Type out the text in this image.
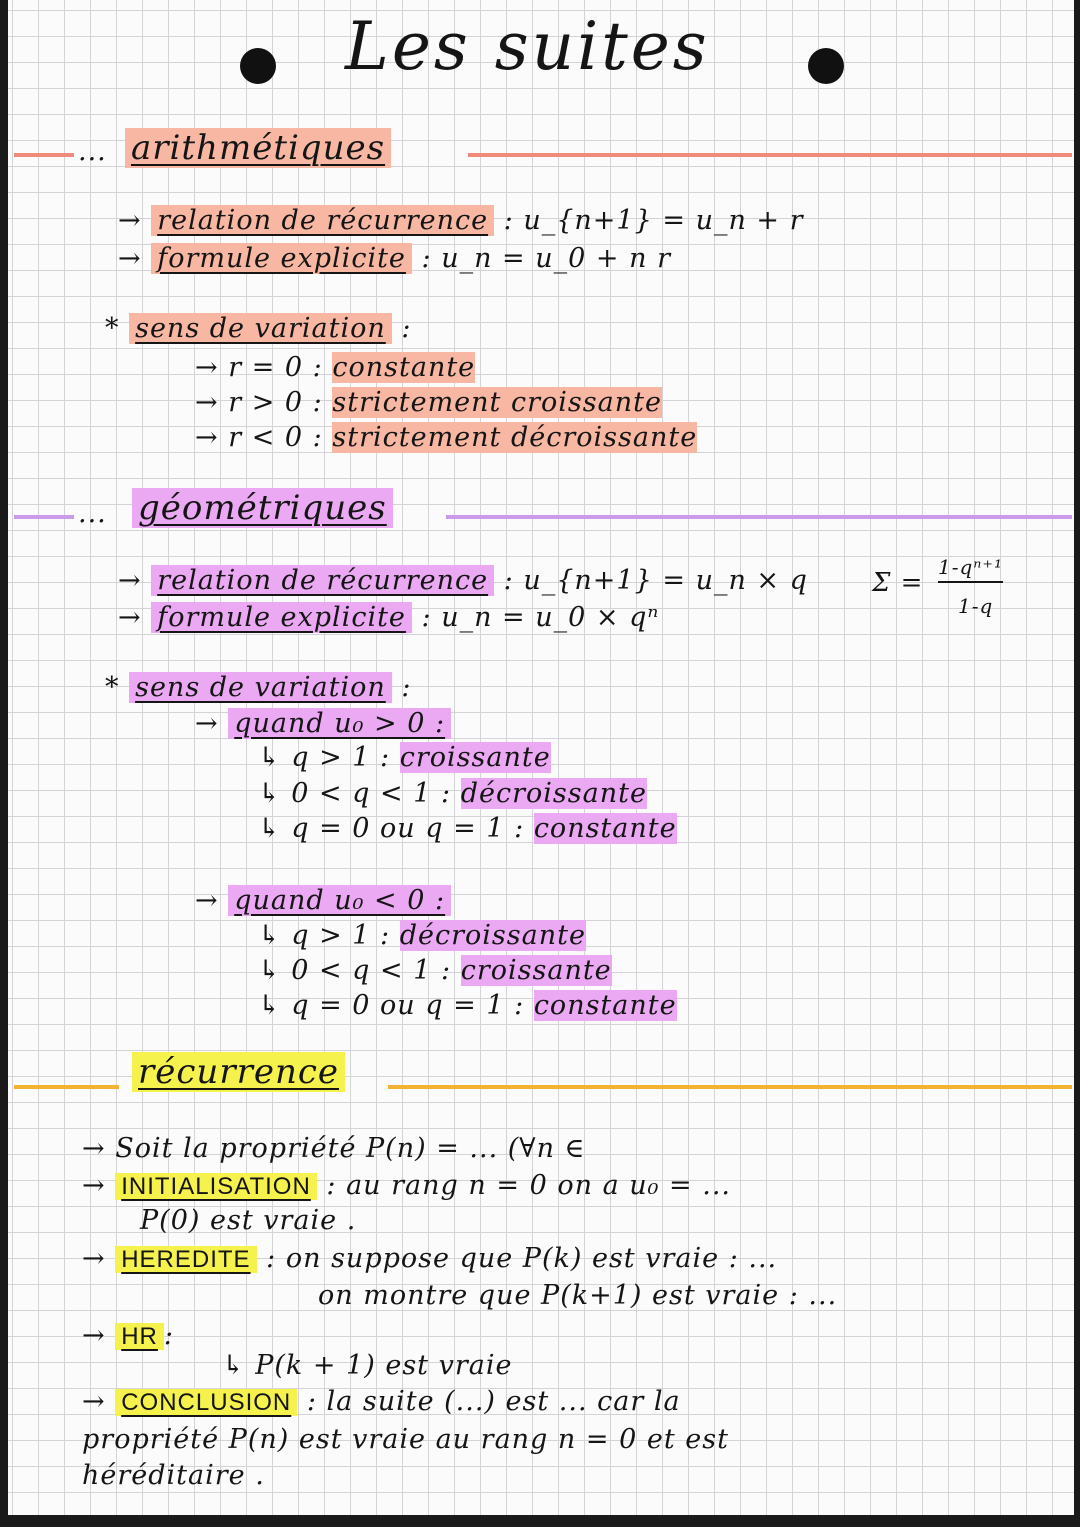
Les suites
... arithmétiques
→ relation de récurrence : u_{n+1} = u_n + r
→ formule explicite : u_n = u_0 + n r
* sens de variation :
→ r = 0 : constante
→ r > 0 : strictement croissante
→ r < 0 : strictement décroissante
... géométriques
→ relation de récurrence : u_{n+1} = u_n × q
→ formule explicite : u_n = u_0 × qⁿ
Σ =
1-qⁿ⁺¹
1-q
* sens de variation :
→ quand u₀ > 0 :
↳ q > 1 : croissante
↳ 0 < q < 1 : décroissante
↳ q = 0 ou q = 1 : constante
→ quand u₀ < 0 :
↳ q > 1 : décroissante
↳ 0 < q < 1 : croissante
↳ q = 0 ou q = 1 : constante
récurrence
→ Soit la propriété P(n) = ... (∀n ∈
→ INITIALISATION : au rang n = 0 on a u₀ = ...
P(0) est vraie .
→ HEREDITE : on suppose que P(k) est vraie : ...
on montre que P(k+1) est vraie : ...
→ HR :
↳ P(k + 1) est vraie
→ CONCLUSION : la suite (...) est ... car la
propriété P(n) est vraie au rang n = 0 et est
héréditaire .
